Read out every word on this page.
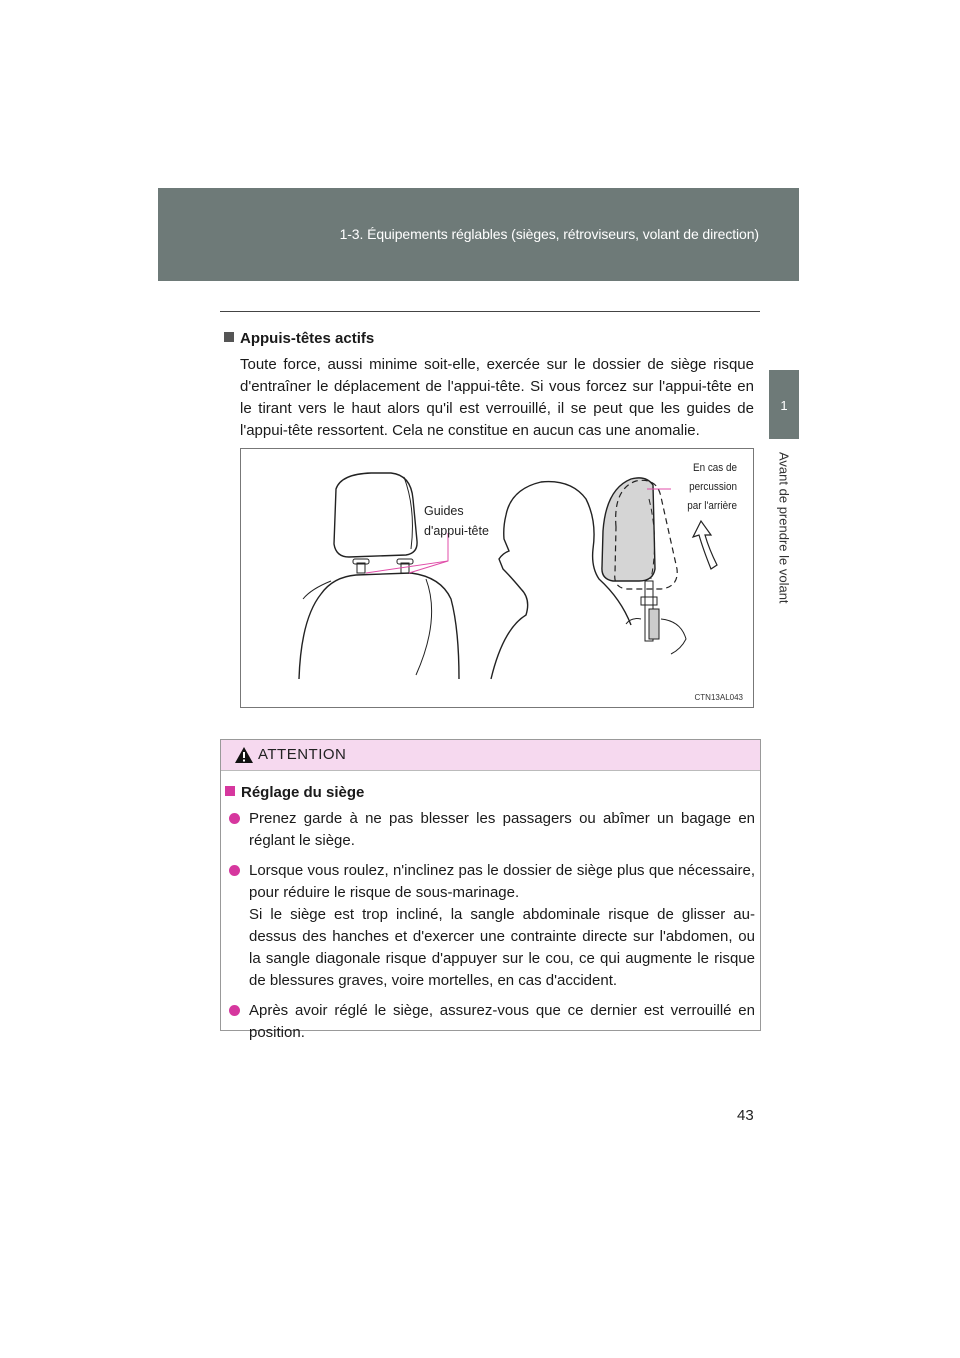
1-3. Équipements réglables (sièges, rétroviseurs, volant de direction)
1
Avant de prendre le volant
Appuis-têtes actifs
Toute force, aussi minime soit-elle, exercée sur le dossier de siège risque d'entraîner le déplacement de l'appui-tête. Si vous forcez sur l'appui-tête en le tirant vers le haut alors qu'il est verrouillé, il se peut que les guides de l'appui-tête ressortent. Cela ne constitue en aucun cas une anomalie.
Guides
d'appui-tête
En cas de
percussion
par l'arrière
CTN13AL043
ATTENTION
Réglage du siège

Prenez garde à ne pas blesser les passagers ou abîmer un bagage en réglant le siège.

Lorsque vous roulez, n'inclinez pas le dossier de siège plus que nécessaire, pour réduire le risque de sous-marinage.

Si le siège est trop incliné, la sangle abdominale risque de glisser au-dessus des hanches et d'exercer une contrainte directe sur l'abdomen, ou la sangle diagonale risque d'appuyer sur le cou, ce qui augmente le risque de blessures graves, voire mortelles, en cas d'accident.

Après avoir réglé le siège, assurez-vous que ce dernier est verrouillé en position.

43
